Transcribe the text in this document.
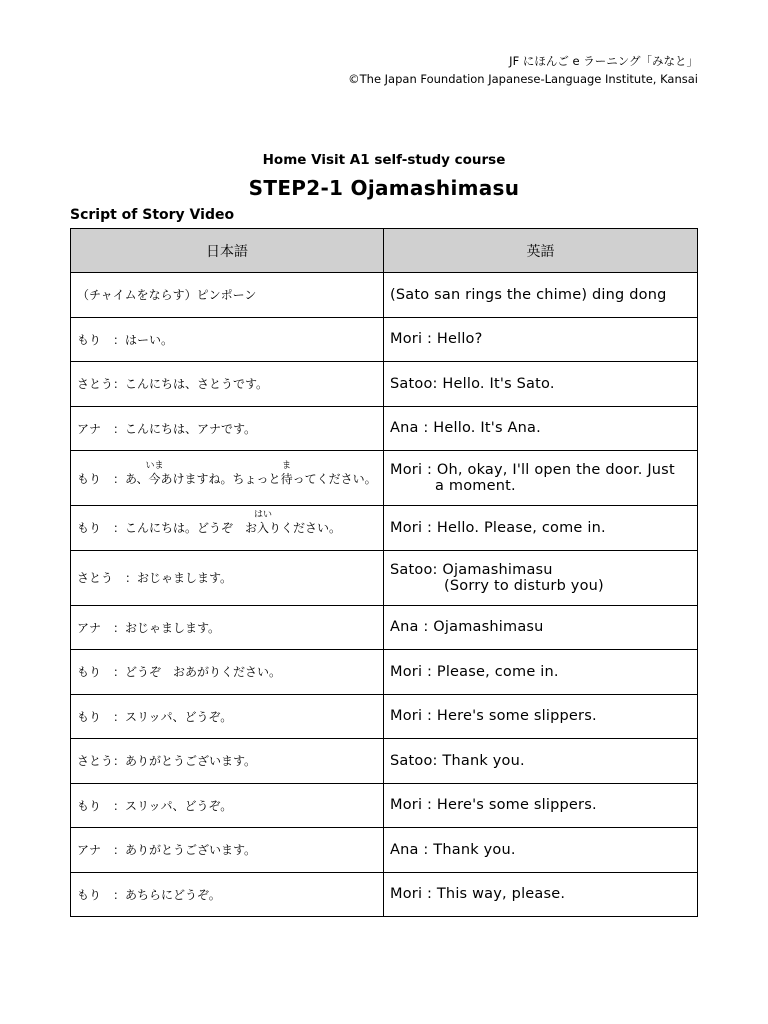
JF にほんご e ラーニング「みなと」
©The Japan Foundation Japanese-Language Institute, Kansai
Home Visit A1 self-study course
STEP2-1 Ojamashimasu
Script of Story Video
日本語	英語
（チャイムをならす）ピンポーン	(Sato san rings the chime) ding dong
もり　：はーい。	Mori : Hello?
さとう：こんにちは、さとうです。	Satoo: Hello. It's Sato.
アナ　：こんにちは、アナです。	Ana : Hello. It's Ana.
もり　：あ、
いま
今あけますね。ちょっと
ま
待ってください。	Mori : Oh, okay, I'll open the door. Just
a moment.

もり　：こんにちは。どうぞ　お
はい
入りください。	Mori : Hello. Please, come in.
さとう　：おじゃまします。	Satoo: Ojamashimasu
(Sorry to disturb you)

アナ　：おじゃまします。	Ana : Ojamashimasu
もり　：どうぞ　おあがりください。	Mori : Please, come in.
もり　：スリッパ、どうぞ。	Mori : Here's some slippers.
さとう：ありがとうございます。	Satoo: Thank you.
もり　：スリッパ、どうぞ。	Mori : Here's some slippers.
アナ　：ありがとうございます。	Ana : Thank you.
もり　：あちらにどうぞ。	Mori : This way, please.
